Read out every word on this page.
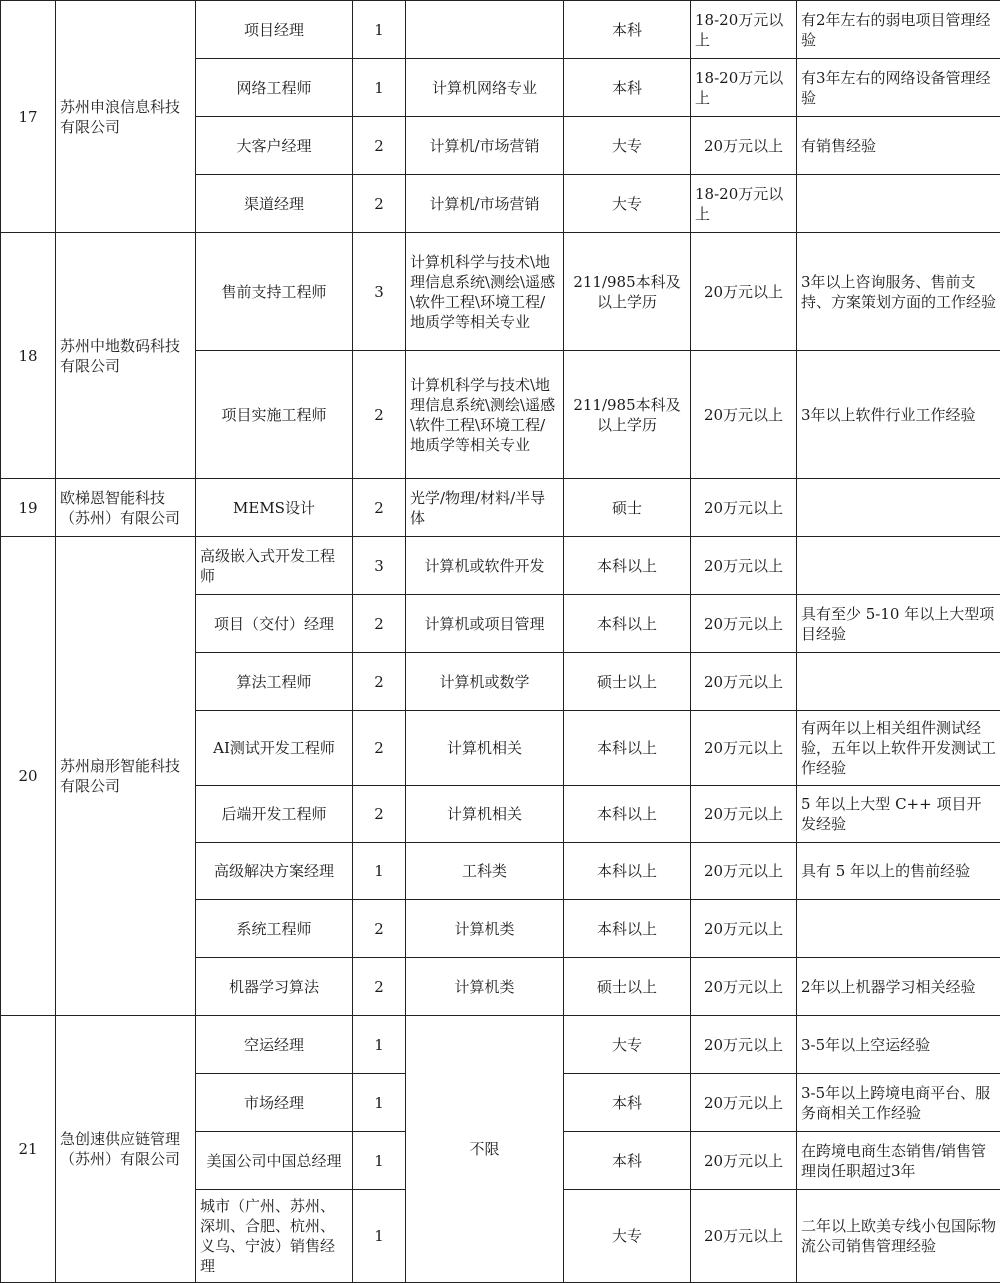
17	苏州申浪信息科技有限公司	项目经理	1		本科	18-20万元以上	有2年左右的弱电项目管理经验
		网络工程师	1	计算机网络专业	本科	18-20万元以上	有3年左右的网络设备管理经验
		大客户经理	2	计算机/市场营销	大专	20万元以上	有销售经验
		渠道经理	2	计算机/市场营销	大专	18-20万元以上	
18	苏州中地数码科技有限公司	售前支持工程师	3	计算机科学与技术\地理信息系统\测绘\遥感\软件工程\环境工程/地质学等相关专业	211/985本科及以上学历	20万元以上	3年以上咨询服务、售前支持、方案策划方面的工作经验
		项目实施工程师	2	计算机科学与技术\地理信息系统\测绘\遥感\软件工程\环境工程/地质学等相关专业	211/985本科及以上学历	20万元以上	3年以上软件行业工作经验
19	欧梯恩智能科技（苏州）有限公司	MEMS设计	2	光学/物理/材料/半导体	硕士	20万元以上	
20	苏州扇形智能科技有限公司	高级嵌入式开发工程师	3	计算机或软件开发	本科以上	20万元以上	
		项目（交付）经理	2	计算机或项目管理	本科以上	20万元以上	具有至少 5-10 年以上大型项目经验
		算法工程师	2	计算机或数学	硕士以上	20万元以上	
		AI测试开发工程师	2	计算机相关	本科以上	20万元以上	有两年以上相关组件测试经验，五年以上软件开发测试工作经验
		后端开发工程师	2	计算机相关	本科以上	20万元以上	5 年以上大型 C++ 项目开发经验
		高级解决方案经理	1	工科类	本科以上	20万元以上	具有 5 年以上的售前经验
		系统工程师	2	计算机类	本科以上	20万元以上	
		机器学习算法	2	计算机类	硕士以上	20万元以上	2年以上机器学习相关经验
21	急创速供应链管理（苏州）有限公司	空运经理	1	不限	大专	20万元以上	3-5年以上空运经验
		市场经理	1		本科	20万元以上	3-5年以上跨境电商平台、服务商相关工作经验
		美国公司中国总经理	1		本科	20万元以上	在跨境电商生态销售/销售管理岗任职超过3年
		城市（广州、苏州、深圳、合肥、杭州、义乌、宁波）销售经理	1		大专	20万元以上	二年以上欧美专线小包国际物流公司销售管理经验
